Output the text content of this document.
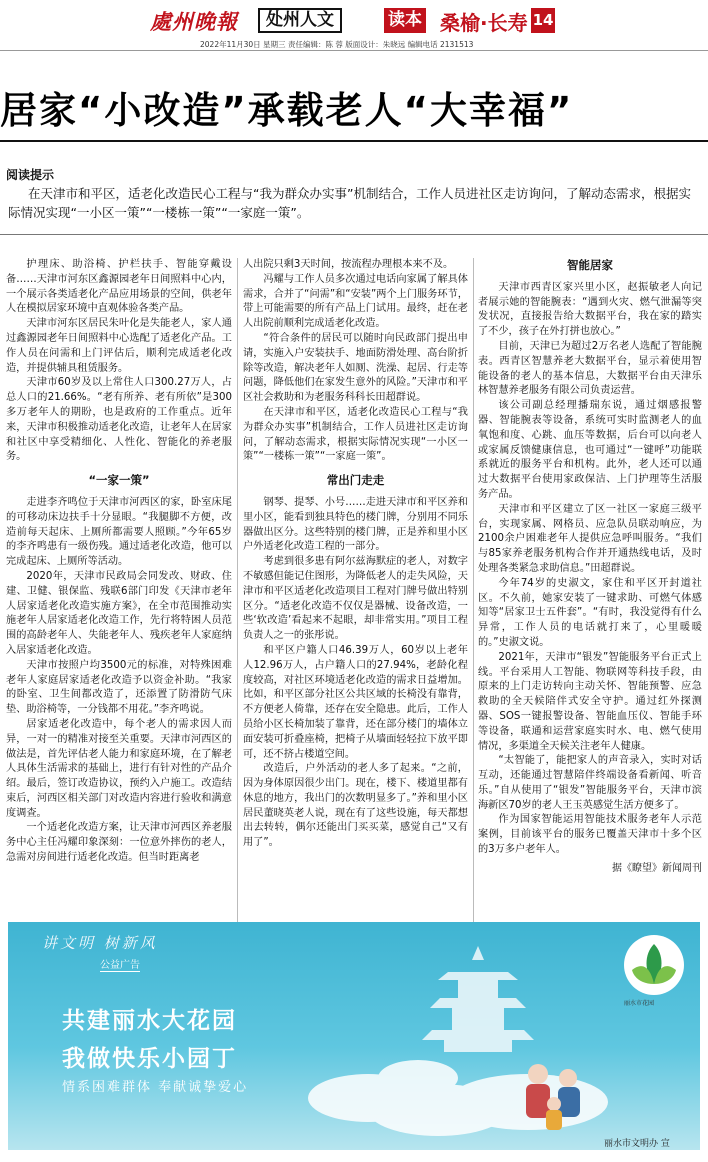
處州晚報	处州人文	读本 桑榆·长寿 14
2022年11月30日 星期三 责任编辑：陈 蓉 版面设计：朱晓远 编辑电话 2131513
居家“小改造”承载老人“大幸福”
阅读提示
在天津市和平区，适老化改造民心工程与“我为群众办实事”机制结合，工作人员进社区走访询问，了解动态需求，根据实际情况实现“一小区一策”“一楼栋一策”“一家庭一策”。

护理床、助浴椅、护栏扶手、智能穿戴设备……天津市河东区鑫源园老年日间照料中心内，一个展示各类适老化产品应用场景的空间，供老年人在模拟居家环境中直观体验各类产品。

天津市河东区居民朱叶化是失能老人，家人通过鑫源园老年日间照料中心选配了适老化产品。工作人员在问需和上门评估后，顺利完成适老化改造，并提供辅具租赁服务。

天津市60岁及以上常住人口300.27万人，占总人口的21.66%。“老有所养、老有所依”是300多万老年人的期盼，也是政府的工作重点。近年来，天津市积极推动适老化改造，让老年人在居家和社区中享受精细化、人性化、智能化的养老服务。

“一家一策”

走进李齐鸣位于天津市河西区的家，卧室床尾的可移动床边扶手十分显眼。“我腿脚不方便，改造前每天起床、上厕所都需要人照顾。”今年65岁的李齐鸣患有一级伤残。通过适老化改造，他可以完成起床、上厕所等活动。

2020年，天津市民政局会同发改、财政、住建、卫健、银保监、残联6部门印发《天津市老年人居家适老化改造实施方案》，在全市范围推动实施老年人居家适老化改造工作，先行将特困人员范围的高龄老年人、失能老年人、残疾老年人家庭纳入居家适老化改造。

天津市按照户均3500元的标准，对特殊困难老年人家庭居家适老化改造予以资金补助。“我家的卧室、卫生间都改造了，还添置了防滑防气床垫、助浴椅等，一分钱都不用花。”李齐鸣说。

居家适老化改造中，每个老人的需求因人而异，一对一的精准对接至关重要。天津市河西区的做法是，首先评估老人能力和家庭环境，在了解老人具体生活需求的基础上，进行有针对性的产品介绍。最后，签订改造协议，预约入户施工。改造结束后，河西区相关部门对改造内容进行验收和满意度调查。

一个适老化改造方案，让天津市河西区养老服务中心主任冯耀印象深刻：一位意外摔伤的老人，急需对房间进行适老化改造。但当时距离老

人出院只剩3天时间，按流程办理根本来不及。

冯耀与工作人员多次通过电话向家属了解具体需求，合并了“问需”和“安装”两个上门服务环节，带上可能需要的所有产品上门试用。最终，赶在老人出院前顺利完成适老化改造。

“符合条件的居民可以随时向民政部门提出申请，实施入户安装扶手、地面防滑处理、高台阶折除等改造，解决老年人如厕、洗澡、起居、行走等问题，降低他们在家发生意外的风险。”天津市和平区社会救助和为老服务科科长田超群说。

在天津市和平区，适老化改造民心工程与“我为群众办实事”机制结合，工作人员进社区走访询问，了解动态需求，根据实际情况实现“一小区一策”“一楼栋一策”“一家庭一策”。

常出门走走

钢琴、提琴、小号……走进天津市和平区养和里小区，能看到独具特色的楼门牌，分别用不同乐器做出区分。这些特别的楼门牌，正是养和里小区户外适老化改造工程的一部分。

考虑到很多患有阿尔兹海默症的老人，对数字不敏感但能记住图形，为降低老人的走失风险，天津市和平区适老化改造项目工程对门牌号做出特别区分。“适老化改造不仅仅是器械、设备改造，一些‘软改造’看起来不起眼，却非常实用。”项目工程负责人之一的张彤说。

和平区户籍人口46.39万人，60岁以上老年人12.96万人，占户籍人口的27.94%，老龄化程度较高，对社区环境适老化改造的需求日益增加。比如，和平区部分社区公共区域的长椅没有靠背，不方便老人倚靠，还存在安全隐患。此后，工作人员给小区长椅加装了靠背，还在部分楼门的墙体立面安装可折叠座椅，把椅子从墙面轻轻拉下放平即可，还不挤占楼道空间。

改造后，户外活动的老人多了起来。“之前，因为身体原因很少出门。现在，楼下、楼道里都有休息的地方，我出门的次数明显多了。”养和里小区居民董晓英老人说，现在有了这些设施，每天都想出去转转，偶尔还能出门买买菜，感觉自己“又有用了”。

智能居家

天津市西青区家兴里小区，赵振敏老人向记者展示她的智能腕表：“遇到火灾、燃气泄漏等突发状况，直接报告给大数据平台，我在家的踏实了不少，孩子在外打拼也放心。”

目前，天津已为超过2万名老人选配了智能腕表。西青区智慧养老大数据平台，显示着使用智能设备的老人的基本信息，大数据平台由天津乐林智慧养老服务有限公司负责运营。

该公司副总经理播瑞东说，通过烟感报警器、智能腕表等设备，系统可实时监测老人的血氧饱和度、心跳、血压等数据，后台可以向老人或家属反馈健康信息，也可通过“一键呼”功能联系就近的服务平台和机构。此外，老人还可以通过大数据平台使用家政保洁、上门护理等生活服务产品。

天津市和平区建立了区一社区一家庭三级平台，实现家属、网格员、应急队员联动响应，为2100余户困难老年人提供应急呼叫服务。“我们与85家养老服务机构合作并开通热线电话，及时处理各类紧急求助信息。”田超群说。

今年74岁的史淑文，家住和平区开封道社区。不久前，她家安装了一键求助、可燃气体感知等“居家卫士五件套”。“有时，我没觉得有什么异常，工作人员的电话就打来了，心里暖暖的。”史淑文说。

2021年，天津市“银发”智能服务平台正式上线。平台采用人工智能、物联网等科技手段，由原来的上门走访转向主动关怀、智能预警、应急救助的全天候陪伴式安全守护。通过红外探测器、SOS一键报警设备、智能血压仪、智能手环等设备，联通和运营家庭实时水、电、燃气使用情况，多渠道全天候关注老年人健康。

“太智能了，能把家人的声音录入，实时对话互动，还能通过智慧陪伴终端设备看新闻、听音乐。”自从使用了“银发”智能服务平台，天津市滨海新区70岁的老人王玉英感觉生活方便多了。

作为国家智能运用智能技术服务老年人示范案例，目前该平台的服务已覆盖天津市十多个区的3万多户老年人。

据《瞭望》新闻周刊
讲文明 树新风
公益广告
共建丽水大花园
我做快乐小园丁
情系困难群体 奉献诚挚爱心
丽水市花园
丽水市文明办 宣
